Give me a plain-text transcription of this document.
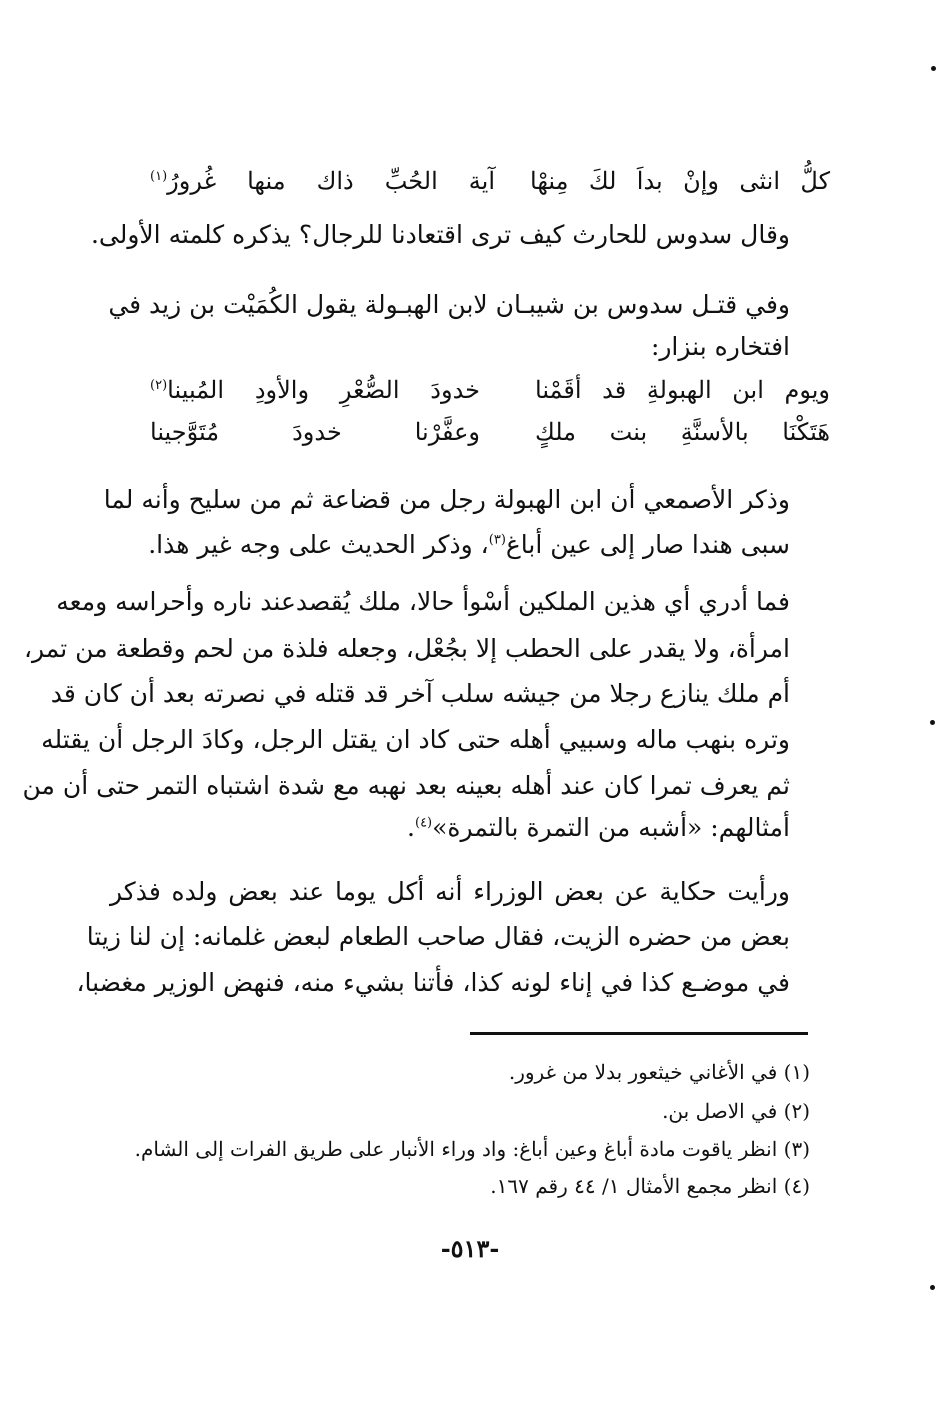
كلُّ انثى وإنْ بداَ لكَ مِنهْا
آية الحُبِّ ذاك منها غُرورُ$^{(١)}$
وقال سدوس للحارث كيف ترى اقتعادنا للرجال؟ يذكره كلمته الأولى.
وفي قتـل سدوس بن شيبـان لابن الهبـولة يقول الكُمَيْت بن زيد في
افتخاره بنزار:
ويوم ابن الهبولةِ قد أقَمْنا
خدودَ الصُّعْرِ والأودِ المُبينا$^{(٢)}$
هَتَكْنَا بالأسنَّةِ بنت ملكٍ
وعفَّرْنا خدودَ مُتَوَّجينا
وذكر الأصمعي أن ابن الهبولة رجل من قضاعة ثم من سليح وأنه لما
سبى هندا صار إلى عين أباغ$^{(٣)}$، وذكر الحديث على وجه غير هذا.
فما أدري أي هذين الملكين أسْوأ حالا، ملك يُقصدعند ناره وأحراسه ومعه
امرأة، ولا يقدر على الحطب إلا بجُعْل، وجعله فلذة من لحم وقطعة من تمر،
أم ملك ينازع رجلا من جيشه سلب آخر قد قتله في نصرته بعد أن كان قد
وتره بنهب ماله وسبيي أهله حتى كاد ان يقتل الرجل، وكادَ الرجل أن يقتله
ثم يعرف تمرا كان عند أهله بعينه بعد نهبه مع شدة اشتباه التمر حتى أن من
أمثالهم: «أشبه من التمرة بالتمرة»$^{(٤)}$.
ورأيت حكاية عن بعض الوزراء أنه أكل يوما عند بعض ولده فذكر
بعض من حضره الزيت، فقال صاحب الطعام لبعض غلمانه: إن لنا زيتا
في موضـع كذا في إناء لونه كذا، فأتنا بشيء منه، فنهض الوزير مغضبا،
(١) في الأغاني خيثعور بدلا من غرور.
(٢) في الاصل بن.
(٣) انظر ياقوت مادة أباغ وعين أباغ: واد وراء الأنبار على طريق الفرات إلى الشام.
(٤) انظر مجمع الأمثال ١/ ٤٤ رقم ١٦٧.
-٥١٣-
